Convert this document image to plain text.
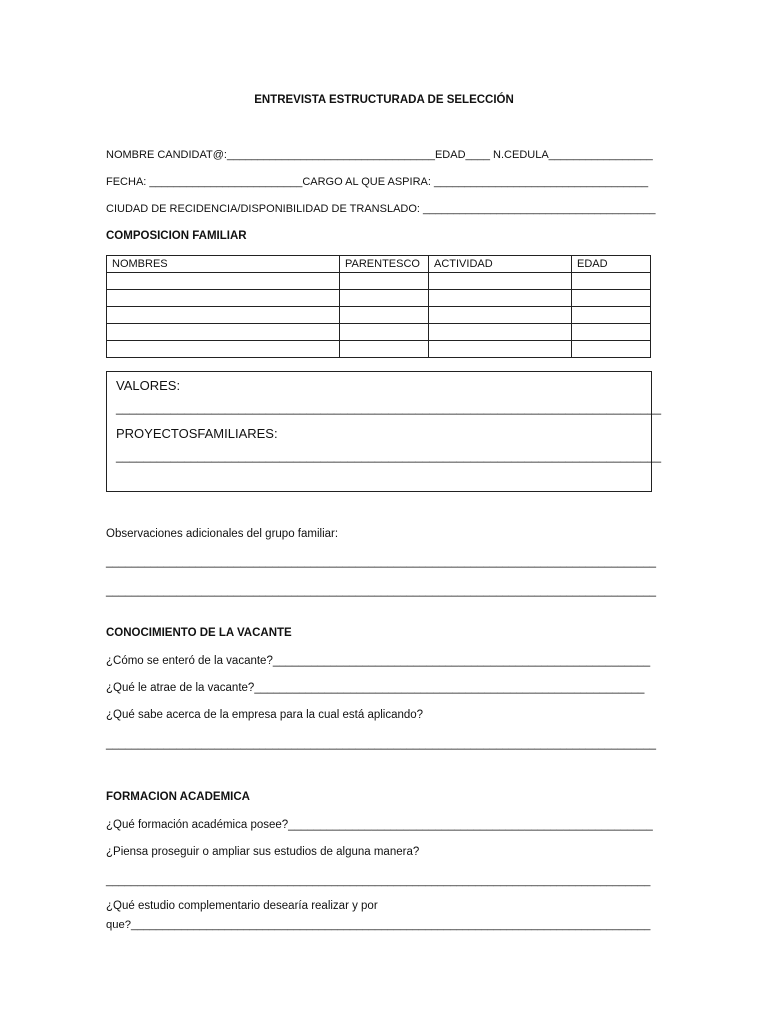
ENTREVISTA ESTRUCTURADA DE SELECCIÓN
NOMBRE CANDIDAT@:__________________________________EDAD____ N.CEDULA_________________
FECHA: _________________________CARGO AL QUE ASPIRA: ___________________________________
CIUDAD DE RECIDENCIA/DISPONIBILIDAD DE TRANSLADO: ______________________________________
COMPOSICION FAMILIAR
NOMBRES	PARENTESCO	ACTIVIDAD	EDAD

VALORES:
________________________________________________________________________________
PROYECTOSFAMILIARES:
________________________________________________________________________________
Observaciones adicionales del grupo familiar:
______________________________________________________________________________________
______________________________________________________________________________________
CONOCIMIENTO DE LA VACANTE
¿Cómo se enteró de la vacante?___________________________________________________________
¿Qué le atrae de la vacante?_____________________________________________________________
¿Qué sabe acerca de la empresa para la cual está aplicando?
______________________________________________________________________________________
FORMACION ACADEMICA
¿Qué formación académica posee?_________________________________________________________
¿Piensa proseguir o ampliar sus estudios de alguna manera?
_______________________________________________________________________________________
¿Qué estudio complementario desearía realizar y por
que?___________________________________________________________________________________
